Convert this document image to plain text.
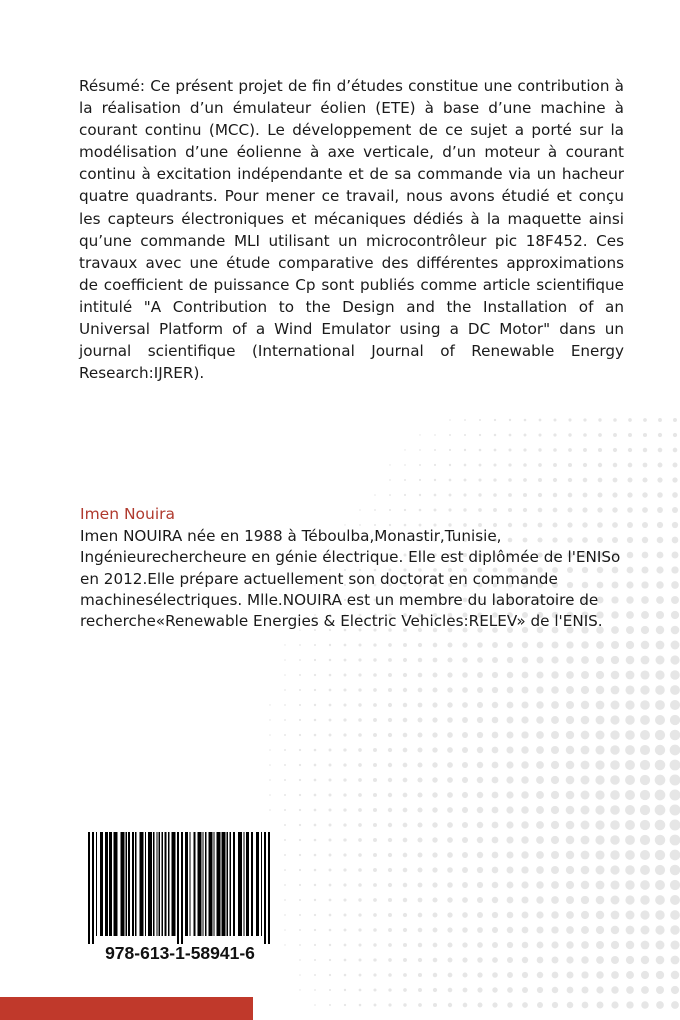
Résumé: Ce présent projet de fin d’études constitue une contribution à la réalisation d’un émulateur éolien (ETE) à base d’une machine à courant continu (MCC). Le développement de ce sujet a porté sur la modélisation d’une éolienne à axe verticale, d’un moteur à courant continu à excitation indépendante et de sa commande via un hacheur quatre quadrants. Pour mener ce travail, nous avons étudié et conçu les capteurs électroniques et mécaniques dédiés à la maquette ainsi qu’une commande MLI utilisant un microcontrôleur pic 18F452. Ces travaux avec une étude comparative des différentes approximations de coefficient de puissance Cp sont publiés comme article scientifique intitulé "A Contribution to the Design and the Installation of an Universal Platform of a Wind Emulator using a DC Motor" dans un journal scientifique (International Journal of Renewable Energy Research:IJRER).

Imen Nouira

Imen NOUIRA née en 1988 à Téboulba,Monastir,Tunisie, Ingénieurechercheure en génie électrique. Elle est diplômée de l'ENISo en 2012.Elle prépare actuellement son doctorat en commande machinesélectriques. Mlle.NOUIRA est un membre du laboratoire de recherche«Renewable Energies & Electric Vehicles:RELEV» de l'ENIS.

978-613-1-58941-6
